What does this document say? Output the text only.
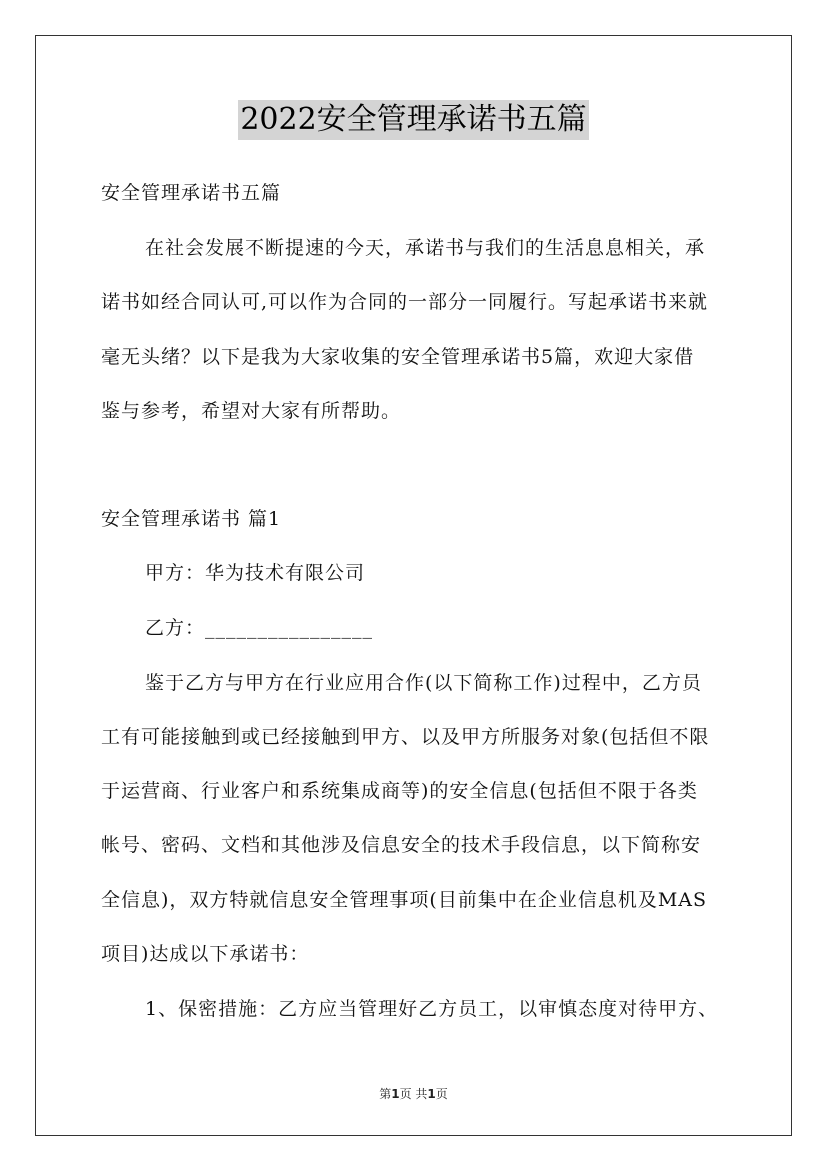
2022安全管理承诺书五篇
安全管理承诺书五篇
在社会发展不断提速的今天，承诺书与我们的生活息息相关，承
诺书如经合同认可,可以作为合同的一部分一同履行。写起承诺书来就
毫无头绪？以下是我为大家收集的安全管理承诺书5篇，欢迎大家借
鉴与参考，希望对大家有所帮助。
安全管理承诺书 篇1
甲方：华为技术有限公司
乙方：________________
鉴于乙方与甲方在行业应用合作(以下简称工作)过程中，乙方员
工有可能接触到或已经接触到甲方、以及甲方所服务对象(包括但不限
于运营商、行业客户和系统集成商等)的安全信息(包括但不限于各类
帐号、密码、文档和其他涉及信息安全的技术手段信息，以下简称安
全信息)，双方特就信息安全管理事项(目前集中在企业信息机及MAS
项目)达成以下承诺书：
1、保密措施：乙方应当管理好乙方员工，以审慎态度对待甲方、
第1页 共1页
